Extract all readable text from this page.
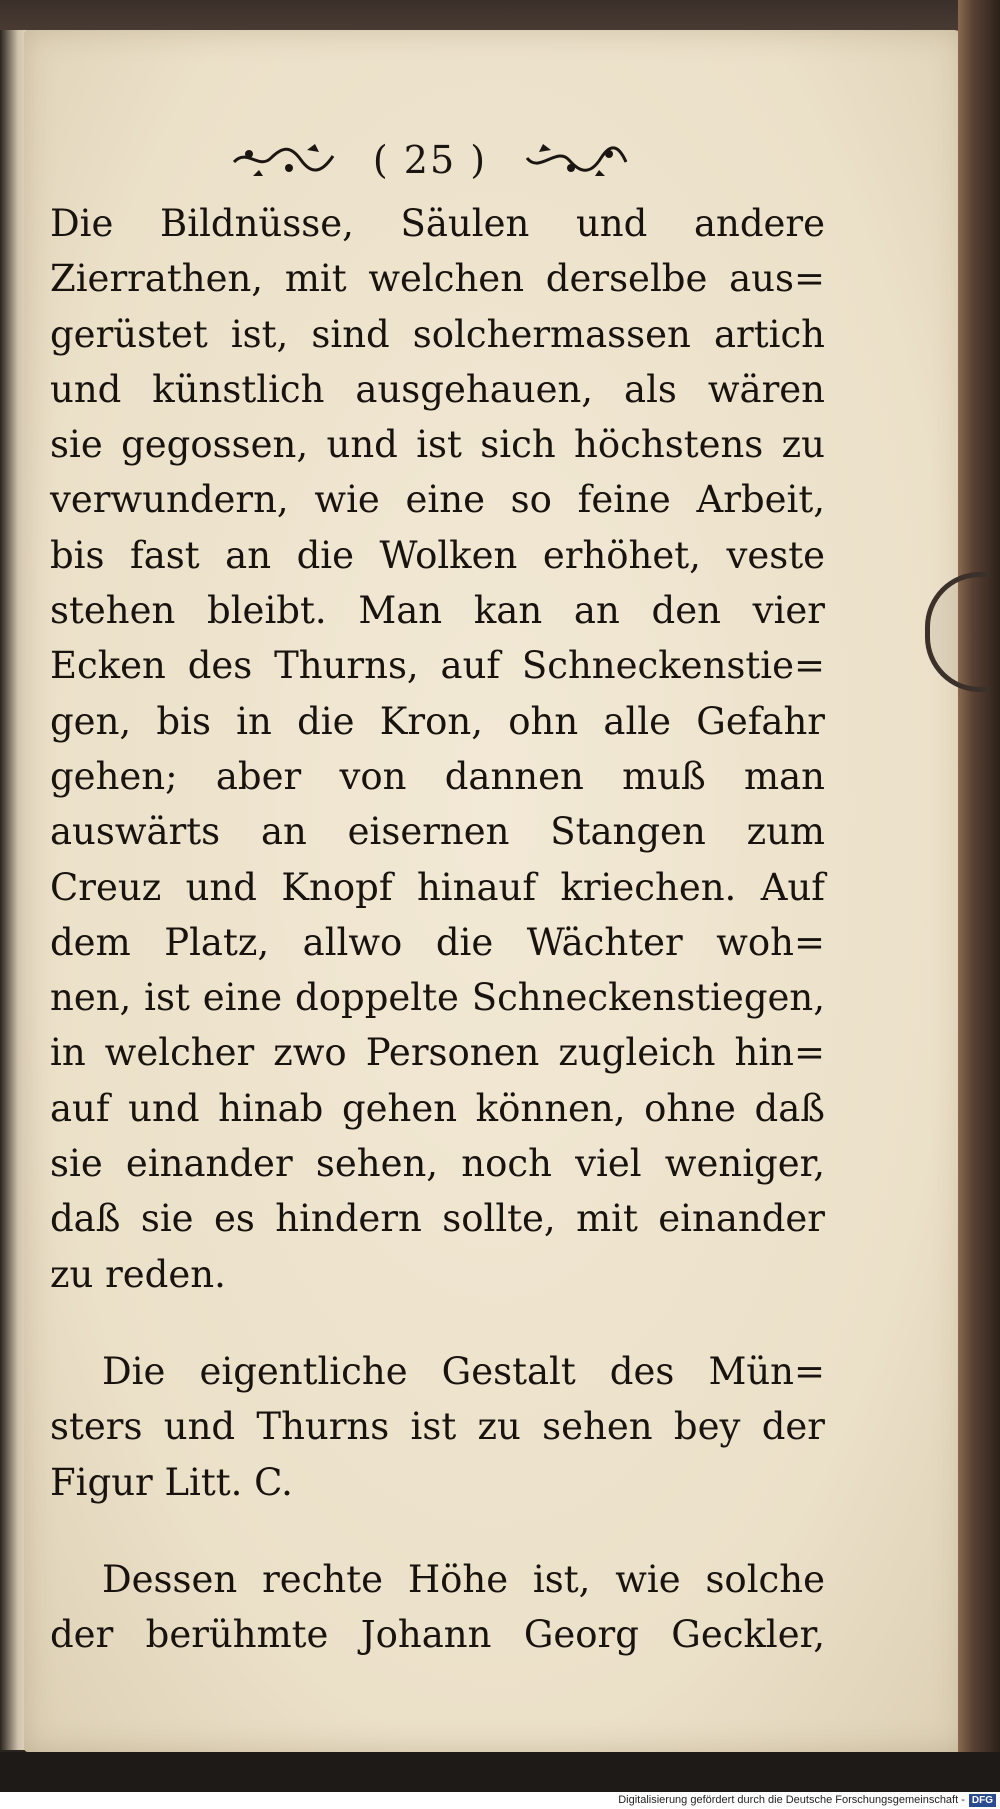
( 25 )
Die Bildnüsse, Säulen und andere
Zierrathen, mit welchen derselbe aus=
gerüstet ist, sind solchermassen artich
und künstlich ausgehauen, als wären
sie gegossen, und ist sich höchstens zu
verwundern, wie eine so feine Arbeit,
bis fast an die Wolken erhöhet, veste
stehen bleibt. Man kan an den vier
Ecken des Thurns, auf Schneckenstie=
gen, bis in die Kron, ohn alle Gefahr
gehen; aber von dannen muß man
auswärts an eisernen Stangen zum
Creuz und Knopf hinauf kriechen. Auf
dem Platz, allwo die Wächter woh=
nen, ist eine doppelte Schneckenstiegen,
in welcher zwo Personen zugleich hin=
auf und hinab gehen können, ohne daß
sie einander sehen, noch viel weniger,
daß sie es hindern sollte, mit einander
zu reden.
Die eigentliche Gestalt des Mün=
sters und Thurns ist zu sehen bey der
Figur Litt. C.
Dessen rechte Höhe ist, wie solche
der berühmte Johann Georg Geckler,
Digitalisierung gefördert durch die Deutsche Forschungsgemeinschaft - DFG
